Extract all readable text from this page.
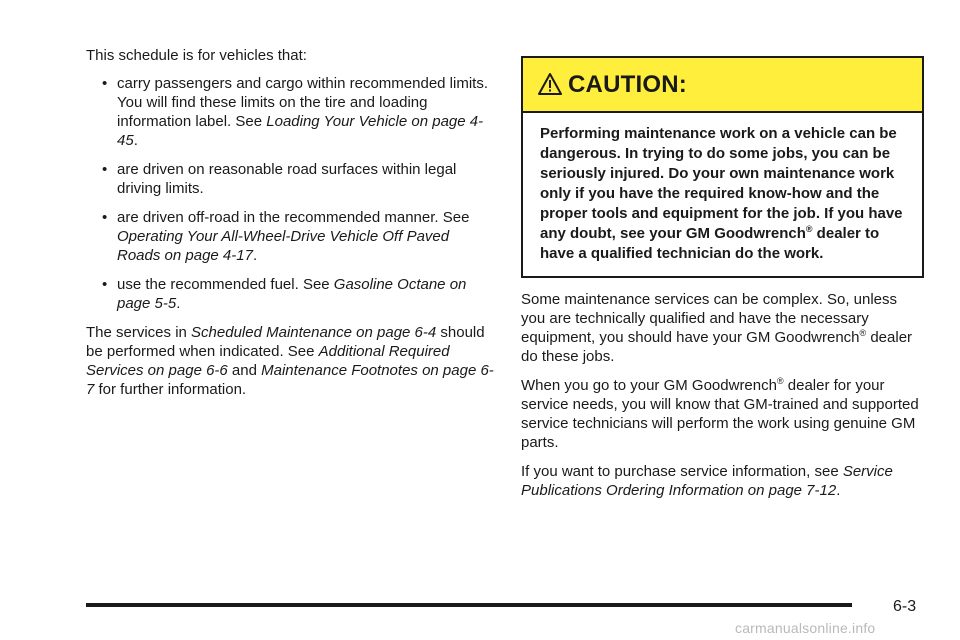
This schedule is for vehicles that:

• carry passengers and cargo within recommended limits. You will find these limits on the tire and loading information label. See Loading Your Vehicle on page 4-45.
• are driven on reasonable road surfaces within legal driving limits.
• are driven off-road in the recommended manner. See Operating Your All-Wheel-Drive Vehicle Off Paved Roads on page 4-17.
• use the recommended fuel. See Gasoline Octane on page 5-5.

The services in Scheduled Maintenance on page 6-4 should be performed when indicated. See Additional Required Services on page 6-6 and Maintenance Footnotes on page 6-7 for further information.

CAUTION:
Performing maintenance work on a vehicle can be dangerous. In trying to do some jobs, you can be seriously injured. Do your own maintenance work only if you have the required know-how and the proper tools and equipment for the job. If you have any doubt, see your GM Goodwrench® dealer to have a qualified technician do the work.

Some maintenance services can be complex. So, unless you are technically qualified and have the necessary equipment, you should have your GM Goodwrench® dealer do these jobs.

When you go to your GM Goodwrench® dealer for your service needs, you will know that GM-trained and supported service technicians will perform the work using genuine GM parts.

If you want to purchase service information, see Service Publications Ordering Information on page 7-12.

6-3
carmanualsonline.info
